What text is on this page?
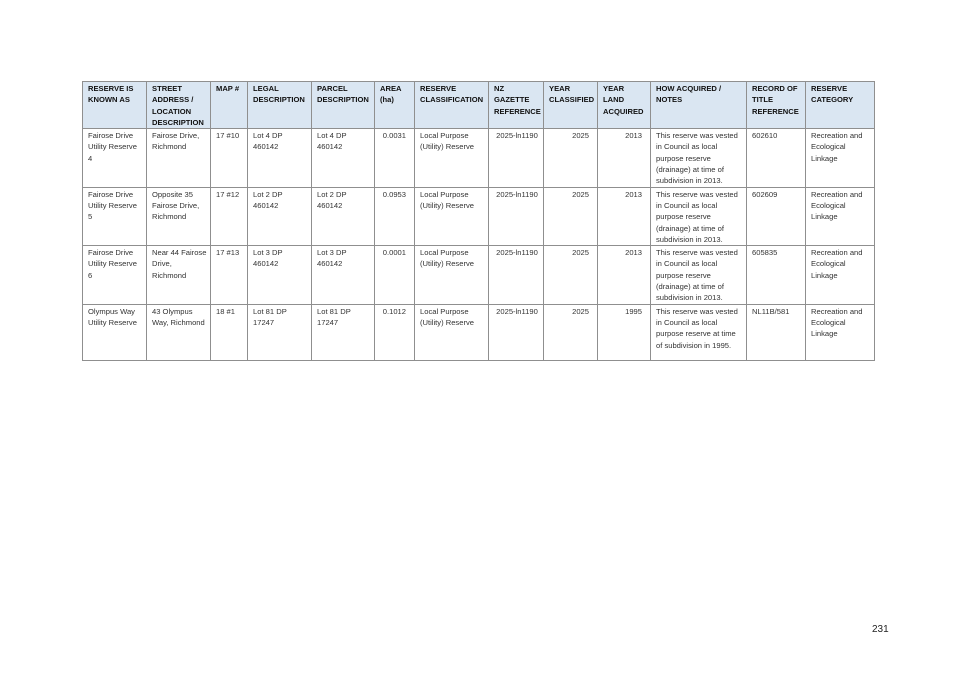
RESERVE IS KNOWN AS	STREET ADDRESS / LOCATION DESCRIPTION	MAP #	LEGAL DESCRIPTION	PARCEL DESCRIPTION	AREA (ha)	RESERVE CLASSIFICATION	NZ GAZETTE REFERENCE	YEAR CLASSIFIED	YEAR LAND ACQUIRED	HOW ACQUIRED / NOTES	RECORD OF TITLE REFERENCE	RESERVE CATEGORY
Fairose Drive Utility Reserve 4	Fairose Drive, Richmond	17 #10	Lot 4 DP 460142	Lot 4 DP 460142	0.0031	Local Purpose (Utility) Reserve	2025-ln1190	2025	2013	This reserve was vested in Council as local purpose reserve (drainage) at time of subdivision in 2013.	602610	Recreation and Ecological Linkage
Fairose Drive Utility Reserve 5	Opposite 35 Fairose Drive, Richmond	17 #12	Lot 2 DP 460142	Lot 2 DP 460142	0.0953	Local Purpose (Utility) Reserve	2025-ln1190	2025	2013	This reserve was vested in Council as local purpose reserve (drainage) at time of subdivision in 2013.	602609	Recreation and Ecological Linkage
Fairose Drive Utility Reserve 6	Near 44 Fairose Drive, Richmond	17 #13	Lot 3 DP 460142	Lot 3 DP 460142	0.0001	Local Purpose (Utility) Reserve	2025-ln1190	2025	2013	This reserve was vested in Council as local purpose reserve (drainage) at time of subdivision in 2013.	605835	Recreation and Ecological Linkage
Olympus Way Utility Reserve	43 Olympus Way, Richmond	18 #1	Lot 81 DP 17247	Lot 81 DP 17247	0.1012	Local Purpose (Utility) Reserve	2025-ln1190	2025	1995	This reserve was vested in Council as local purpose reserve at time of subdivision in 1995.	NL11B/581	Recreation and Ecological Linkage
231
